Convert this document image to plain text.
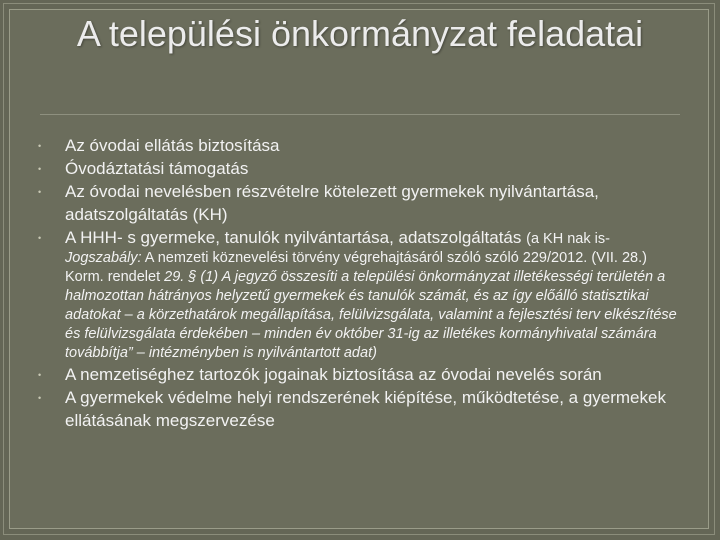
A települési önkormányzat feladatai
• Az óvodai ellátás biztosítása
• Óvodáztatási támogatás
• Az óvodai nevelésben részvételre kötelezett gyermekek nyilvántartása, adatszolgáltatás (KH)
• A HHH- s gyermeke, tanulók nyilvántartása, adatszolgáltatás (a KH nak is- Jogszabály: A nemzeti köznevelési törvény végrehajtásáról szóló szóló 229/2012. (VII. 28.) Korm. rendelet 29. § (1) A jegyző összesíti a települési önkormányzat illetékességi területén a halmozottan hátrányos helyzetű gyermekek és tanulók számát, és az így előálló statisztikai adatokat – a körzethatárok megállapítása, felülvizsgálata, valamint a fejlesztési terv elkészítése és felülvizsgálata érdekében – minden év október 31-ig az illetékes kormányhivatal számára továbbítja” – intézményben is nyilvántartott adat)
• A nemzetiséghez tartozók jogainak biztosítása az óvodai nevelés során
• A gyermekek védelme helyi rendszerének kiépítése, működtetése, a gyermekek ellátásának megszervezése
